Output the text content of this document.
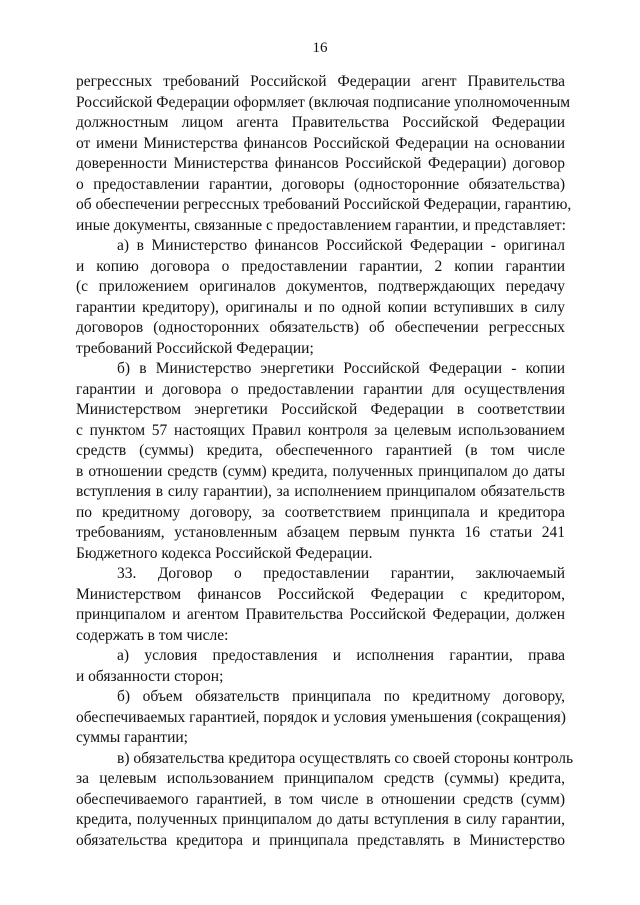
16
регрессных требований Российской Федерации агент Правительства
Российской Федерации оформляет (включая подписание уполномоченным
должностным лицом агента Правительства Российской Федерации
от имени Министерства финансов Российской Федерации на основании
доверенности Министерства финансов Российской Федерации) договор
о предоставлении гарантии, договоры (односторонние обязательства)
об обеспечении регрессных требований Российской Федерации, гарантию,
иные документы, связанные с предоставлением гарантии, и представляет:
а) в Министерство финансов Российской Федерации - оригинал
и копию договора о предоставлении гарантии, 2 копии гарантии
(с приложением оригиналов документов, подтверждающих передачу
гарантии кредитору), оригиналы и по одной копии вступивших в силу
договоров (односторонних обязательств) об обеспечении регрессных
требований Российской Федерации;
б) в Министерство энергетики Российской Федерации - копии
гарантии и договора о предоставлении гарантии для осуществления
Министерством энергетики Российской Федерации в соответствии
с пунктом 57 настоящих Правил контроля за целевым использованием
средств (суммы) кредита, обеспеченного гарантией (в том числе
в отношении средств (сумм) кредита, полученных принципалом до даты
вступления в силу гарантии), за исполнением принципалом обязательств
по кредитному договору, за соответствием принципала и кредитора
требованиям, установленным абзацем первым пункта 16 статьи 241
Бюджетного кодекса Российской Федерации.
33. Договор о предоставлении гарантии, заключаемый
Министерством финансов Российской Федерации с кредитором,
принципалом и агентом Правительства Российской Федерации, должен
содержать в том числе:
а) условия предоставления и исполнения гарантии, права
и обязанности сторон;
б) объем обязательств принципала по кредитному договору,
обеспечиваемых гарантией, порядок и условия уменьшения (сокращения)
суммы гарантии;
в) обязательства кредитора осуществлять со своей стороны контроль
за целевым использованием принципалом средств (суммы) кредита,
обеспечиваемого гарантией, в том числе в отношении средств (сумм)
кредита, полученных принципалом до даты вступления в силу гарантии,
обязательства кредитора и принципала представлять в Министерство
